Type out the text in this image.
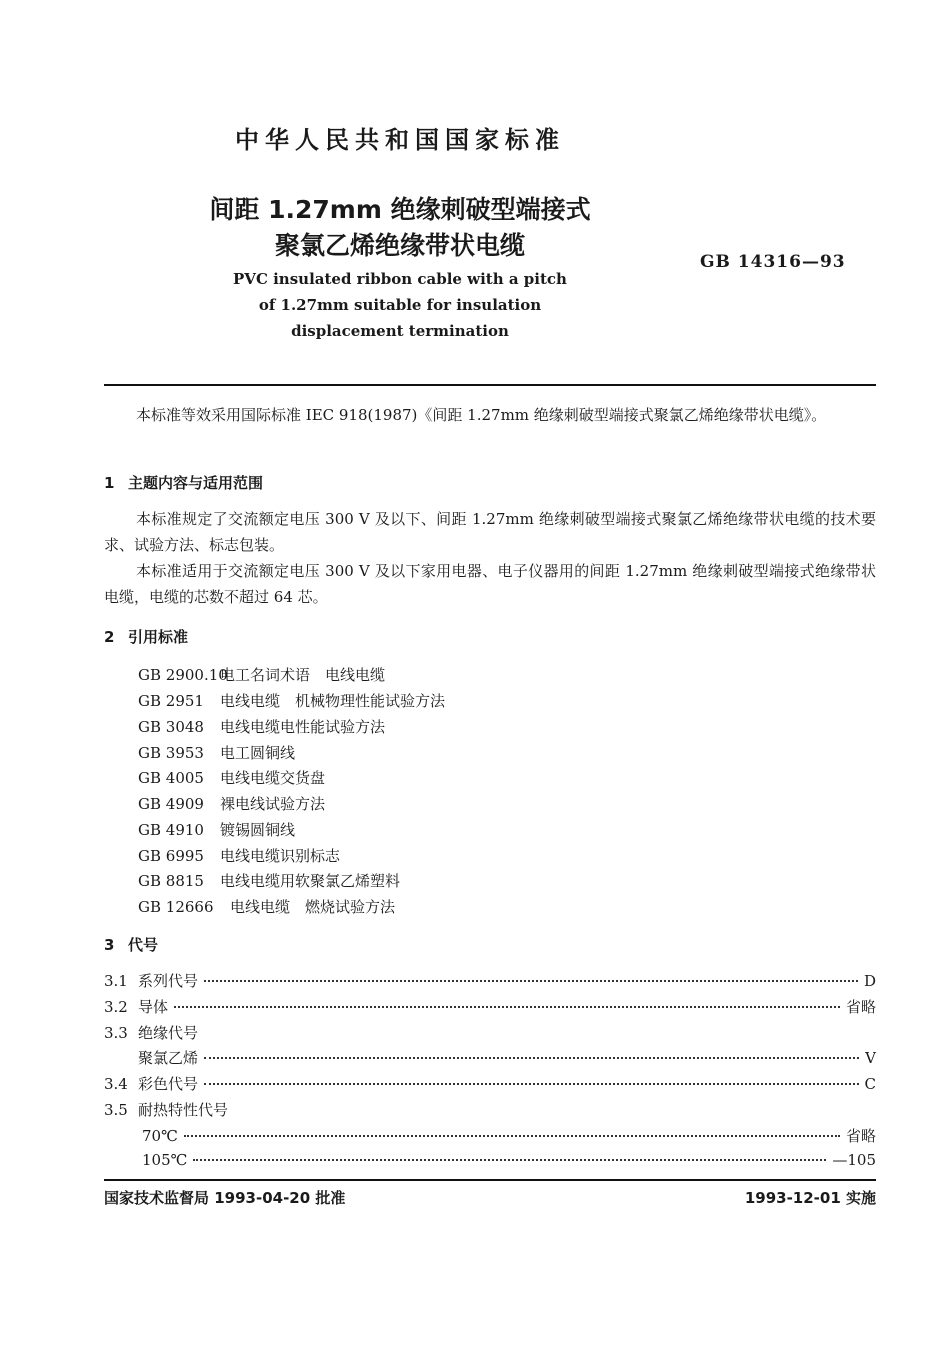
中华人民共和国国家标准
间距 1.27mm 绝缘刺破型端接式
聚氯乙烯绝缘带状电缆
PVC insulated ribbon cable with a pitch
of 1.27mm suitable for insulation
displacement termination
GB 14316—93
本标准等效采用国际标准 IEC 918(1987)《间距 1.27mm 绝缘刺破型端接式聚氯乙烯绝缘带状电缆》。
1 主题内容与适用范围
本标准规定了交流额定电压 300 V 及以下、间距 1.27mm 绝缘刺破型端接式聚氯乙烯绝缘带状电缆的技术要求、试验方法、标志包装。
本标准适用于交流额定电压 300 V 及以下家用电器、电子仪器用的间距 1.27mm 绝缘刺破型端接式绝缘带状电缆，电缆的芯数不超过 64 芯。
2 引用标准
GB 2900.10电工名词术语　电线电缆
GB 2951 电线电缆　机械物理性能试验方法
GB 3048 电线电缆电性能试验方法
GB 3953 电工圆铜线
GB 4005 电线电缆交货盘
GB 4909 裸电线试验方法
GB 4910 镀锡圆铜线
GB 6995 电线电缆识别标志
GB 8815 电线电缆用软聚氯乙烯塑料
GB 12666 电线电缆　燃烧试验方法
3 代号
3.1 系列代号	D
3.2 导体	省略
3.3 绝缘代号
聚氯乙烯	V
3.4 彩色代号	C
3.5 耐热特性代号
70℃	省略
105℃	—105
国家技术监督局 1993-04-20 批准	1993-12-01 实施
